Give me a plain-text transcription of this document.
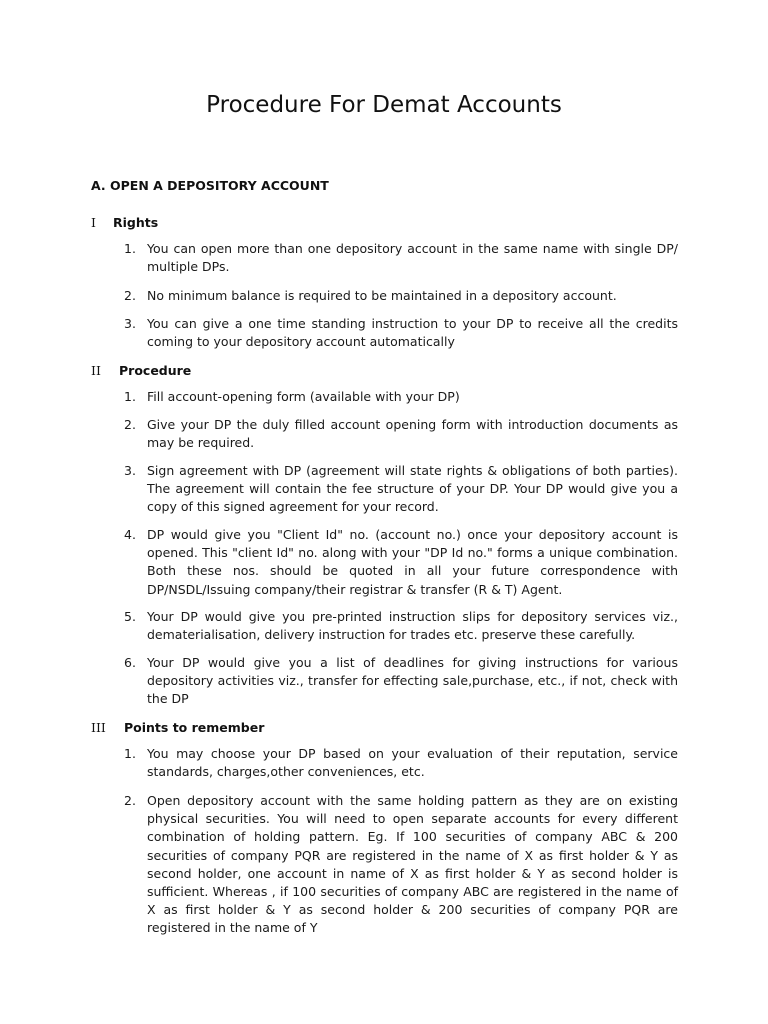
Procedure For Demat Accounts
A. OPEN A DEPOSITORY ACCOUNT
I Rights
1. You can open more than one depository account in the same name with single DP/ multiple DPs.
2. No minimum balance is required to be maintained in a depository account.
3. You can give a one time standing instruction to your DP to receive all the credits coming to your depository account automatically
II Procedure
1. Fill account-opening form (available with your DP)
2. Give your DP the duly filled account opening form with introduction documents as may be required.
3. Sign agreement with DP (agreement will state rights & obligations of both parties). The agreement will contain the fee structure of your DP. Your DP would give you a copy of this signed agreement for your record.
4. DP would give you "Client Id" no. (account no.) once your depository account is opened. This "client Id" no. along with your "DP Id no." forms a unique combination. Both these nos. should be quoted in all your future correspondence with DP/NSDL/Issuing company/their registrar & transfer (R & T) Agent.
5. Your DP would give you pre-printed instruction slips for depository services viz., dematerialisation, delivery instruction for trades etc. preserve these carefully.
6. Your DP would give you a list of deadlines for giving instructions for various depository activities viz., transfer for effecting sale,purchase, etc., if not, check with the DP
III Points to remember
1. You may choose your DP based on your evaluation of their reputation, service standards, charges,other conveniences, etc.
2. Open depository account with the same holding pattern as they are on existing physical securities. You will need to open separate accounts for every different combination of holding pattern. Eg. If 100 securities of company ABC & 200 securities of company PQR are registered in the name of X as first holder & Y as second holder, one account in name of X as first holder & Y as second holder is sufficient. Whereas , if 100 securities of company ABC are registered in the name of X as first holder & Y as second holder & 200 securities of company PQR are registered in the name of Y
